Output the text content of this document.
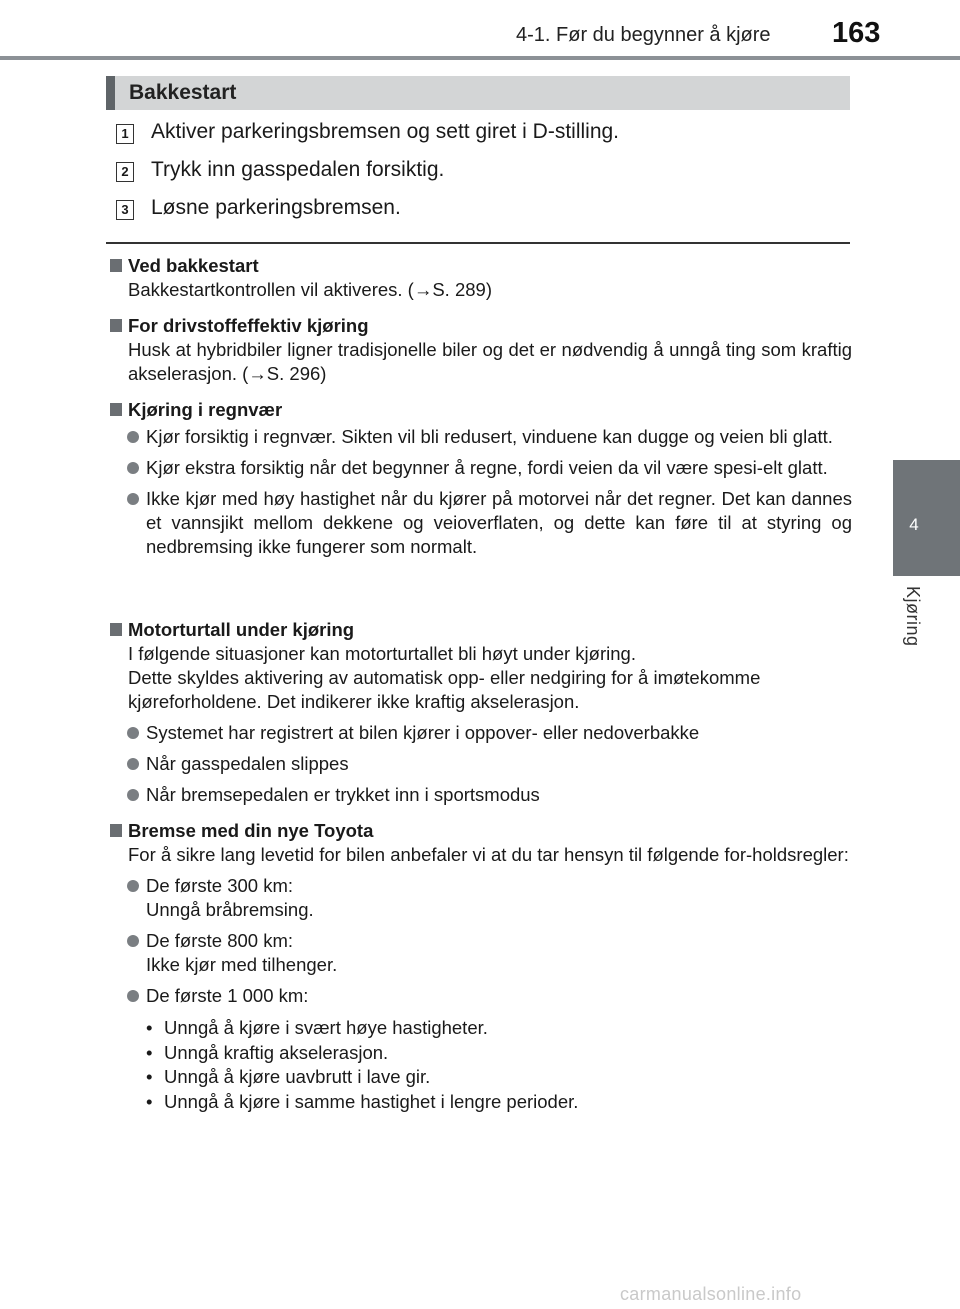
4-1. Før du begynner å kjøre 163
4
Kjøring
Bakkestart
1 Aktiver parkeringsbremsen og sett giret i D-stilling.
2 Trykk inn gasspedalen forsiktig.
3 Løsne parkeringsbremsen.
Ved bakkestart
Bakkestartkontrollen vil aktiveres. (→S. 289)
For drivstoffeffektiv kjøring
Husk at hybridbiler ligner tradisjonelle biler og det er nødvendig å unngå ting som kraftig akselerasjon. (→S. 296)
Kjøring i regnvær
Kjør forsiktig i regnvær. Sikten vil bli redusert, vinduene kan dugge og veien bli glatt.
Kjør ekstra forsiktig når det begynner å regne, fordi veien da vil være spesi-elt glatt.
Ikke kjør med høy hastighet når du kjører på motorvei når det regner. Det kan dannes et vannsjikt mellom dekkene og veioverflaten, og dette kan føre til at styring og nedbremsing ikke fungerer som normalt.
Motorturtall under kjøring
I følgende situasjoner kan motorturtallet bli høyt under kjøring.
Dette skyldes aktivering av automatisk opp- eller nedgiring for å imøtekomme kjøreforholdene. Det indikerer ikke kraftig akselerasjon.
Systemet har registrert at bilen kjører i oppover- eller nedoverbakke
Når gasspedalen slippes
Når bremsepedalen er trykket inn i sportsmodus
Bremse med din nye Toyota
For å sikre lang levetid for bilen anbefaler vi at du tar hensyn til følgende for-holdsregler:
De første 300 km:
Unngå bråbremsing.
De første 800 km:
Ikke kjør med tilhenger.
De første 1 000 km:
• Unngå å kjøre i svært høye hastigheter.
• Unngå kraftig akselerasjon.
• Unngå å kjøre uavbrutt i lave gir.
• Unngå å kjøre i samme hastighet i lengre perioder.
carmanualsonline.info
